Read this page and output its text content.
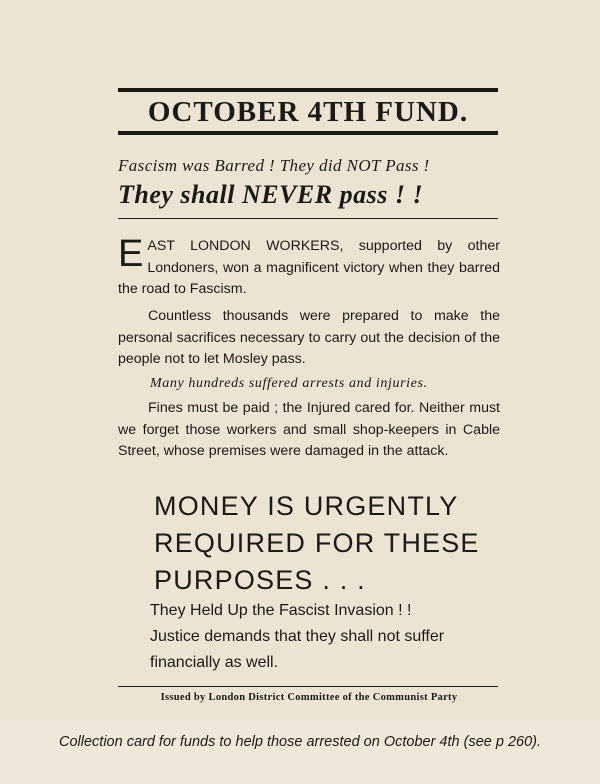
OCTOBER 4TH FUND.
Fascism was Barred ! They did NOT Pass !
They shall NEVER pass ! !
EAST LONDON WORKERS, supported by other Londoners, won a magnificent victory when they barred the road to Fascism.
Countless thousands were prepared to make the personal sacrifices necessary to carry out the decision of the people not to let Mosley pass.
Many hundreds suffered arrests and injuries.
Fines must be paid ; the Injured cared for. Neither must we forget those workers and small shop-keepers in Cable Street, whose premises were damaged in the attack.
MONEY IS URGENTLY
REQUIRED FOR THESE
PURPOSES . . .
They Held Up the Fascist Invasion ! !
Justice demands that they shall not suffer
financially as well.
Issued by London District Committee of the Communist Party
Collection card for funds to help those arrested on October 4th (see p 260).
